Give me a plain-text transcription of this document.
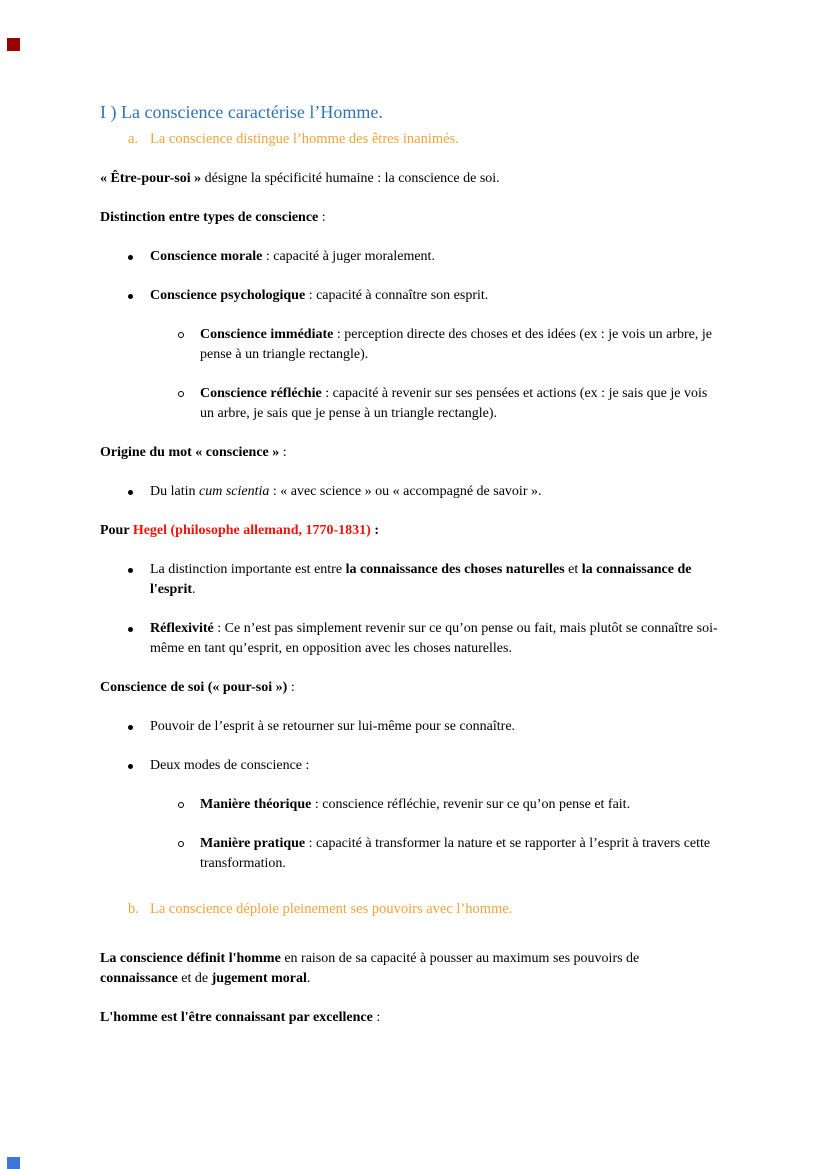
I ) La conscience caractérise l’Homme.
a. La conscience distingue l’homme des êtres inanimés.

« Être-pour-soi » désigne la spécificité humaine : la conscience de soi.

Distinction entre types de conscience :

Conscience morale : capacité à juger moralement.
Conscience psychologique : capacité à connaître son esprit.
Conscience immédiate : perception directe des choses et des idées (ex : je vois un arbre, je pense à un triangle rectangle).
Conscience réfléchie : capacité à revenir sur ses pensées et actions (ex : je sais que je vois un arbre, je sais que je pense à un triangle rectangle).

Origine du mot « conscience » :

Du latin cum scientia : « avec science » ou « accompagné de savoir ».

Pour Hegel (philosophe allemand, 1770-1831) :

La distinction importante est entre la connaissance des choses naturelles et la connaissance de l'esprit.
Réflexivité : Ce n’est pas simplement revenir sur ce qu’on pense ou fait, mais plutôt se connaître soi-même en tant qu’esprit, en opposition avec les choses naturelles.

Conscience de soi (« pour-soi ») :

Pouvoir de l’esprit à se retourner sur lui-même pour se connaître.
Deux modes de conscience :
Manière théorique : conscience réfléchie, revenir sur ce qu’on pense et fait.
Manière pratique : capacité à transformer la nature et se rapporter à l’esprit à travers cette transformation.
b. La conscience déploie pleinement ses pouvoirs avec l’homme.

La conscience définit l'homme en raison de sa capacité à pousser au maximum ses pouvoirs de connaissance et de jugement moral.

L'homme est l'être connaissant par excellence :
